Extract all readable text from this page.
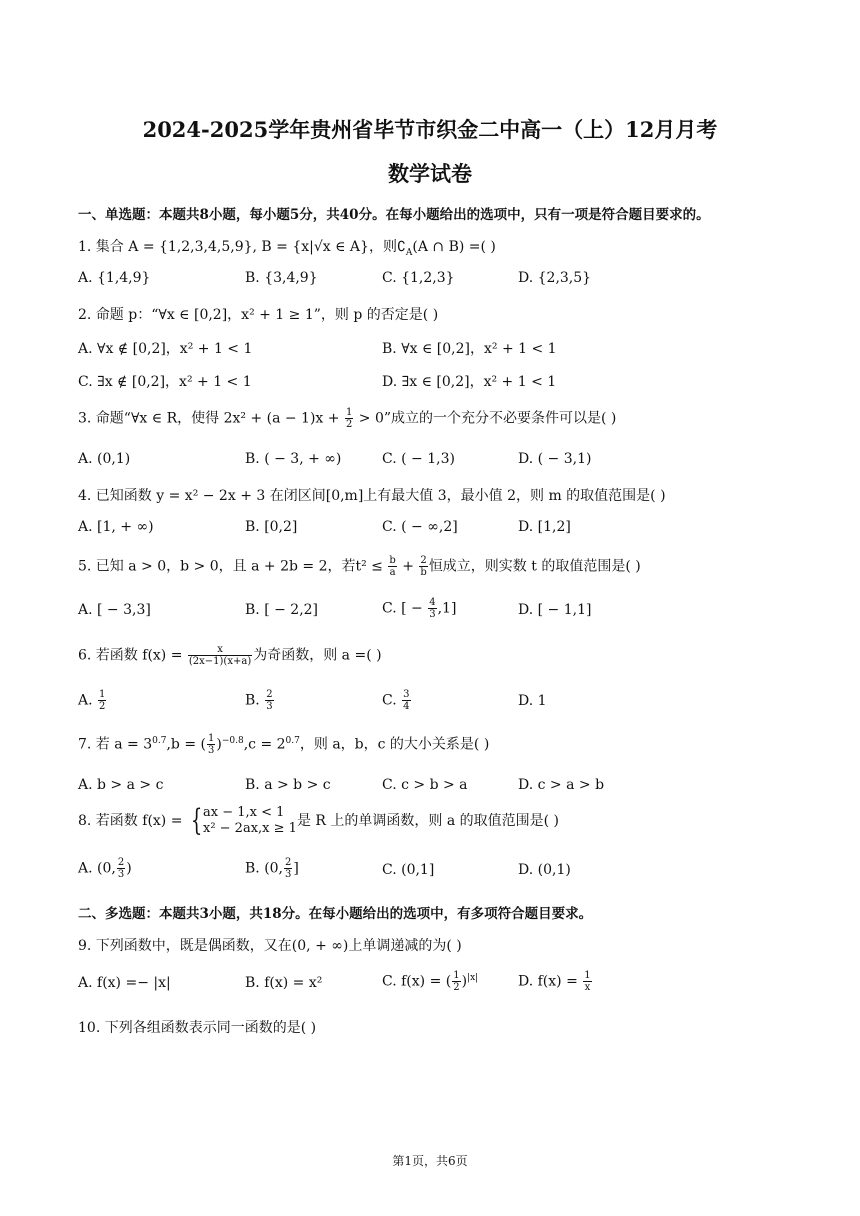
2024-2025学年贵州省毕节市织金二中高一（上）12月月考
数学试卷
一、单选题：本题共8小题，每小题5分，共40分。在每小题给出的选项中，只有一项是符合题目要求的。
1. 集合 A = {1,2,3,4,5,9}, B = {x|√x ∈ A}，则$∁_A(A$ ∩ B) =( )
A. {1,4,9}	B. {3,4,9}	C. {1,2,3}	D. {2,3,5}
2. 命题 p：“∀x ∈ [0,2]，x² + 1 ≥ 1”，则 p 的否定是( )
A. ∀x ∉ [0,2]，x² + 1 < 1	B. ∀x ∈ [0,2]，x² + 1 < 1
C. ∃x ∉ [0,2]，x² + 1 < 1	D. ∃x ∈ [0,2]，x² + 1 < 1
3. 命题“∀x ∈ R，使得 $2x^2 + (a - 1)x + \frac{1}{2} > 0$”成立的一个充分不必要条件可以是( )
A. (0,1)	B. ( − 3, + ∞)	C. ( − 1,3)	D. ( − 3,1)
4. 已知函数 y = x² − 2x + 3 在闭区间[0,m]上有最大值 3，最小值 2，则 m 的取值范围是( )
A. [1, + ∞)	B. [0,2]	C. ( − ∞,2]	D. [1,2]
5. 已知 a > 0，b > 0，且 a + 2b = 2，若$t^2 \le \frac{b}{a} + \frac{2}{b}$ 恒成立，则实数 t 的取值范围是( )
A. [ − 3,3]	B. [ − 2,2]	C. [ − $\frac{4}{3} ,1$]	D. [ − 1,1]
6. 若函数 $f(x) = \frac{x}{(2x-1)(x+a)}$ 为奇函数，则 a =( )
A. $\frac{1}{2}$	B. $\frac{2}{3}$	C. $\frac{3}{4}$	D. 1
7. 若 $a = 3^{0.7},b$ = ( $\frac{1}{3} )^{-0.8},c = 2^{0.7}$，则 a，b，c 的大小关系是( )
A. b > a > c	B. a > b > c	C. c > b > a	D. c > a > b
8. 若函数 f(x) = { ax − 1,x < 1
x² − 2ax,x ≥ 1 是 R 上的单调函数，则 a 的取值范围是( )
A. (0, $\frac{2}{3}$ )	B. (0, $\frac{2}{3}$ ]	C. (0,1]	D. (0,1)
二、多选题：本题共3小题，共18分。在每小题给出的选项中，有多项符合题目要求。
9. 下列函数中，既是偶函数，又在(0, + ∞)上单调递减的为( )
A. f(x) =− |x|	B. f(x) = x²	C. f(x) = ( $\frac{1}{2} )^{|x|}$	D. $f(x) = \frac{1}{x}$
10. 下列各组函数表示同一函数的是( )
第1页，共6页
